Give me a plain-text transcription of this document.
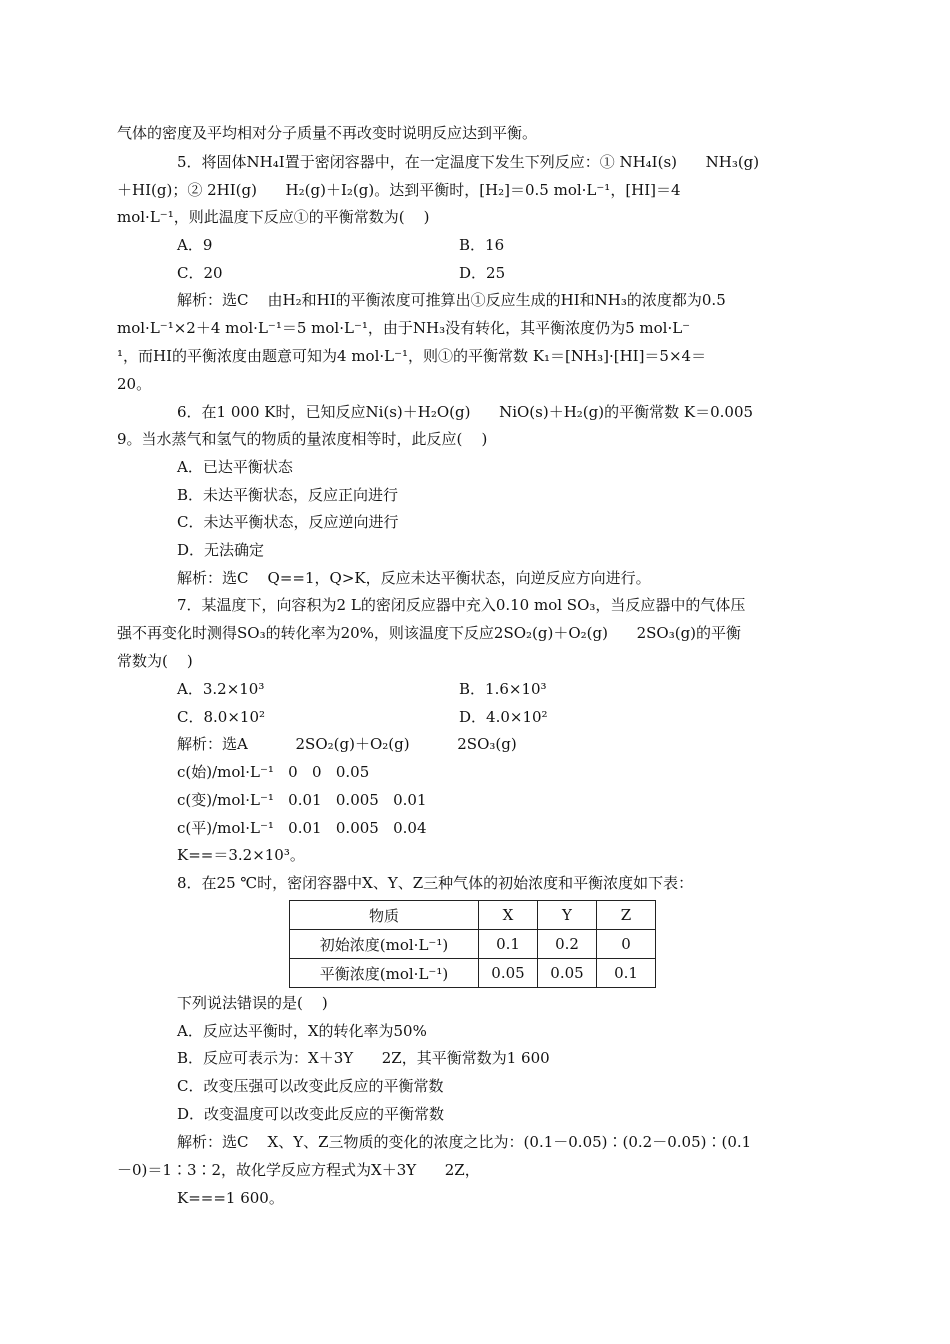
气体的密度及平均相对分子质量不再改变时说明反应达到平衡。
5．将固体NH₄I置于密闭容器中，在一定温度下发生下列反应：① NH₄I(s)      NH₃(g)
＋HI(g)；② 2HI(g)      H₂(g)＋I₂(g)。达到平衡时，[H₂]＝0.5 mol·L⁻¹，[HI]＝4
mol·L⁻¹，则此温度下反应①的平衡常数为(    )
A．9	B．16
C．20	D．25
解析：选C    由H₂和HI的平衡浓度可推算出①反应生成的HI和NH₃的浓度都为0.5
mol·L⁻¹×2＋4 mol·L⁻¹＝5 mol·L⁻¹，由于NH₃没有转化，其平衡浓度仍为5 mol·L⁻
¹，而HI的平衡浓度由题意可知为4 mol·L⁻¹，则①的平衡常数 K₁＝[NH₃]·[HI]＝5×4＝
20。
6．在1 000 K时，已知反应Ni(s)＋H₂O(g)      NiO(s)＋H₂(g)的平衡常数 K＝0.005
9。当水蒸气和氢气的物质的量浓度相等时，此反应(    )
A．已达平衡状态
B．未达平衡状态，反应正向进行
C．未达平衡状态，反应逆向进行
D．无法确定
解析：选C    Q==1，Q>K，反应未达平衡状态，向逆反应方向进行。
7．某温度下，向容积为2 L的密闭反应器中充入0.10 mol SO₃，当反应器中的气体压
强不再变化时测得SO₃的转化率为20%，则该温度下反应2SO₂(g)＋O₂(g)      2SO₃(g)的平衡
常数为(    )
A．3.2×10³	B．1.6×10³
C．8.0×10²	D．4.0×10²
解析：选A          2SO₂(g)＋O₂(g)          2SO₃(g)
c(始)/mol·L⁻¹   0   0   0.05
c(变)/mol·L⁻¹   0.01   0.005   0.01
c(平)/mol·L⁻¹   0.01   0.005   0.04
K==＝3.2×10³。
8．在25 ℃时，密闭容器中X、Y、Z三种气体的初始浓度和平衡浓度如下表：
物质	X	Y	Z
初始浓度(mol·L⁻¹)	0.1	0.2	0
平衡浓度(mol·L⁻¹)	0.05	0.05	0.1
下列说法错误的是(    )
A．反应达平衡时，X的转化率为50%
B．反应可表示为：X＋3Y      2Z，其平衡常数为1 600
C．改变压强可以改变此反应的平衡常数
D．改变温度可以改变此反应的平衡常数
解析：选C    X、Y、Z三物质的变化的浓度之比为：(0.1－0.05)∶(0.2－0.05)∶(0.1
－0)＝1∶3∶2，故化学反应方程式为X＋3Y      2Z，
K===1 600。
